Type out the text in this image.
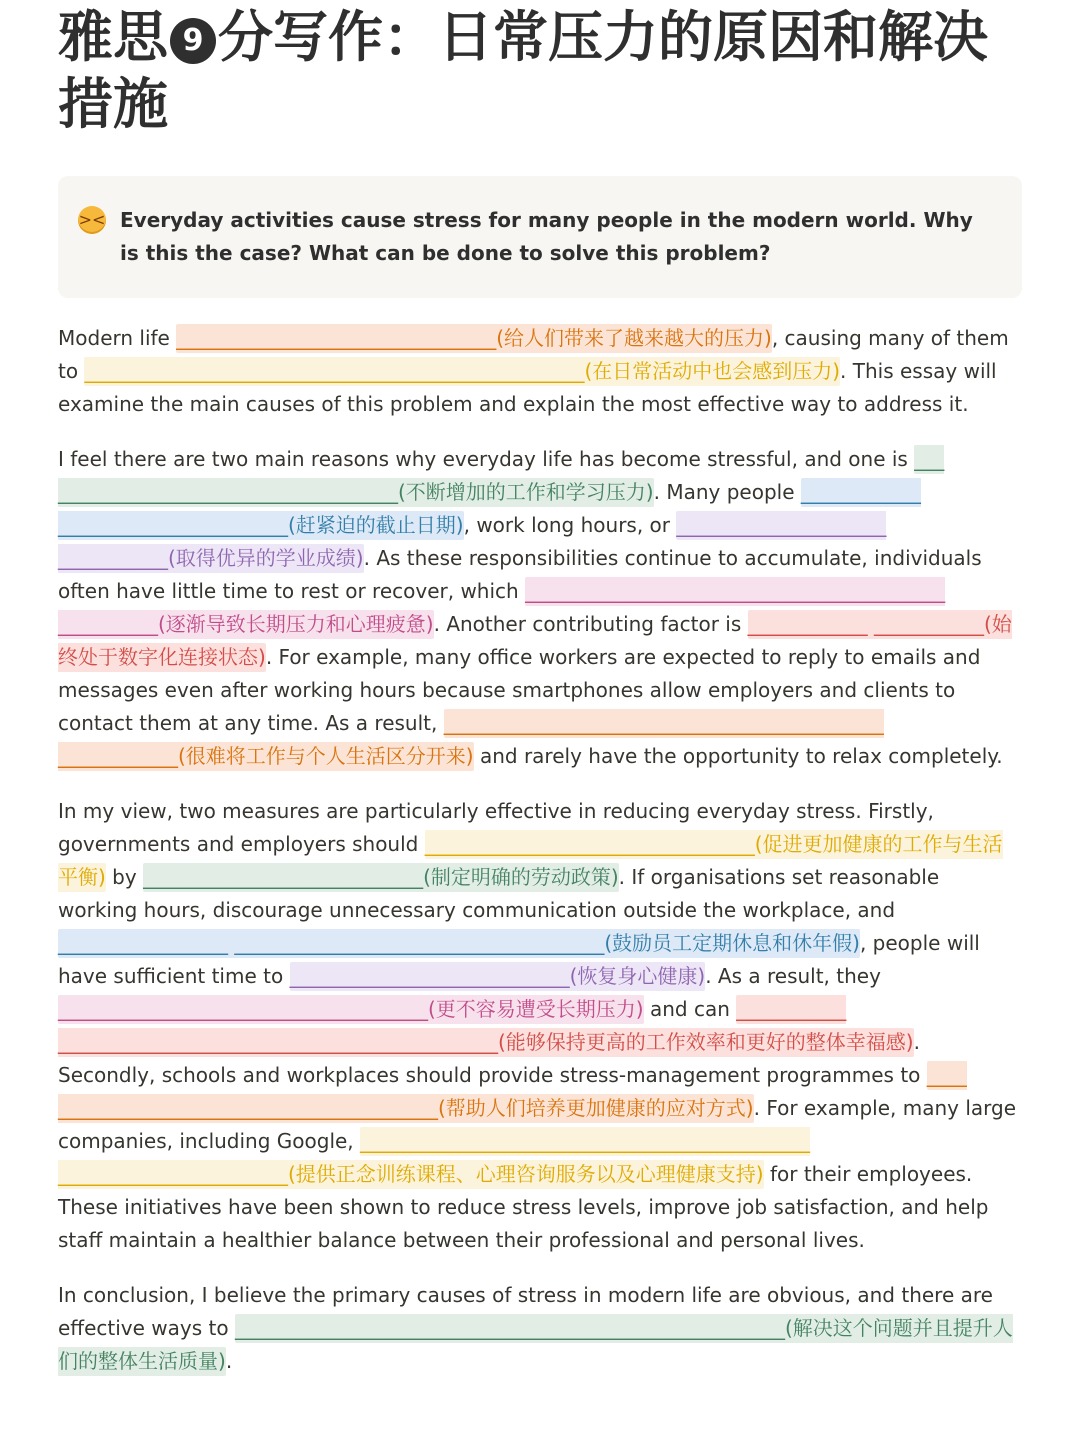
雅思 9 分写作：日常压力的原因和解决措施
>< Everyday activities cause stress for many people in the modern world. Why is this the case? What can be done to solve this problem?

Modern life ________________________________(给人们带来了越来越大的压力), causing many of them to __________________________________________________(在日常活动中也会感到压力). This essay will examine the main causes of this problem and explain the most effective way to address it.

I feel there are two main reasons why everyday life has become stressful, and one is ___ __________________________________(不断增加的工作和学习压力). Many people ____________ _______________________(赶紧迫的截止日期), work long hours, or _____________________ ___________(取得优异的学业成绩). As these responsibilities continue to accumulate, individuals often have little time to rest or recover, which __________________________________________ __________(逐渐导致长期压力和心理疲惫). Another contributing factor is ____________ ___________(始终处于数字化连接状态). For example, many office workers are expected to reply to emails and messages even after working hours because smartphones allow employers and clients to contact them at any time. As a result, ____________________________________________ ____________(很难将工作与个人生活区分开来) and rarely have the opportunity to relax completely.

In my view, two measures are particularly effective in reducing everyday stress. Firstly, governments and employers should _________________________________(促进更加健康的工作与生活平衡) by ____________________________(制定明确的劳动政策). If organisations set reasonable working hours, discourage unnecessary communication outside the workplace, and _________________ _____________________________________(鼓励员工定期休息和休年假), people will have sufficient time to ____________________________(恢复身心健康). As a result, they _____________________________________(更不容易遭受长期压力) and can ___________ ____________________________________________(能够保持更高的工作效率和更好的整体幸福感). Secondly, schools and workplaces should provide stress-management programmes to ____ ______________________________________(帮助人们培养更加健康的应对方式). For example, many large companies, including Google, _____________________________________________ _______________________(提供正念训练课程、心理咨询服务以及心理健康支持) for their employees. These initiatives have been shown to reduce stress levels, improve job satisfaction, and help staff maintain a healthier balance between their professional and personal lives.

In conclusion, I believe the primary causes of stress in modern life are obvious, and there are effective ways to _______________________________________________________(解决这个问题并且提升人们的整体生活质量).
